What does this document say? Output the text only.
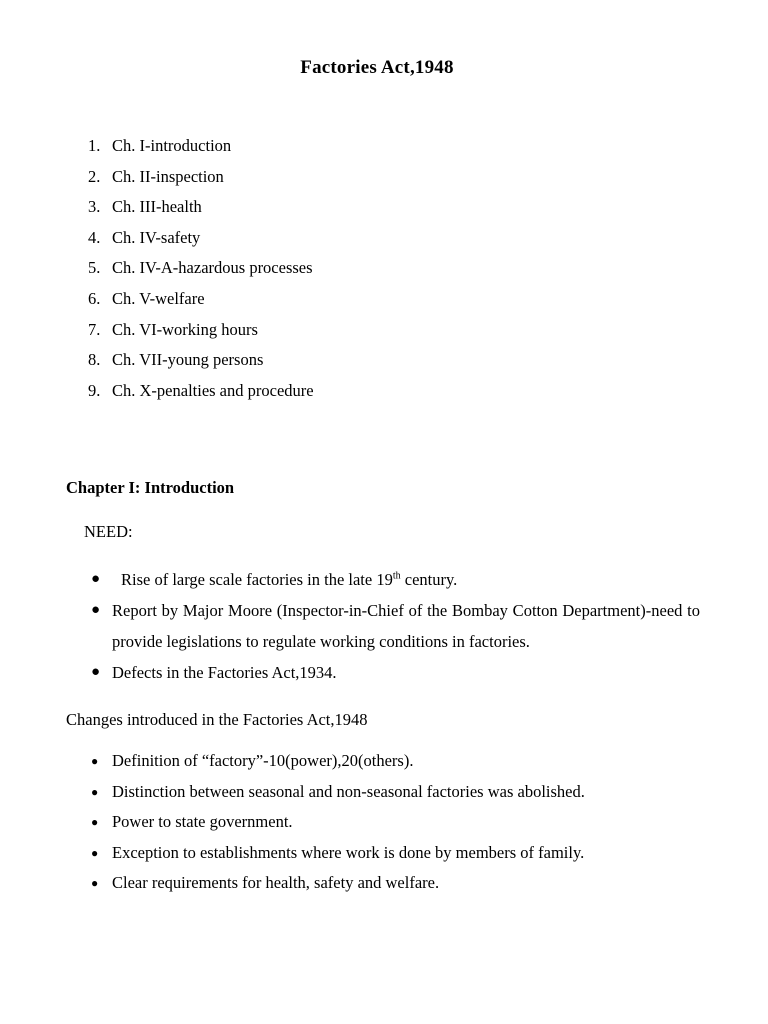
Factories Act,1948
1. Ch. I-introduction
2. Ch. II-inspection
3. Ch. III-health
4. Ch. IV-safety
5. Ch. IV-A-hazardous processes
6. Ch. V-welfare
7. Ch. VI-working hours
8. Ch. VII-young persons
9. Ch. X-penalties and procedure
Chapter I: Introduction

NEED:

● Rise of large scale factories in the late 19th century.
● Report by Major Moore (Inspector-in-Chief of the Bombay Cotton Department)-need to provide legislations to regulate working conditions in factories.
● Defects in the Factories Act,1934.

Changes introduced in the Factories Act,1948

● Definition of “factory”-10(power),20(others).
● Distinction between seasonal and non-seasonal factories was abolished.
● Power to state government.
● Exception to establishments where work is done by members of family.
● Clear requirements for health, safety and welfare.
